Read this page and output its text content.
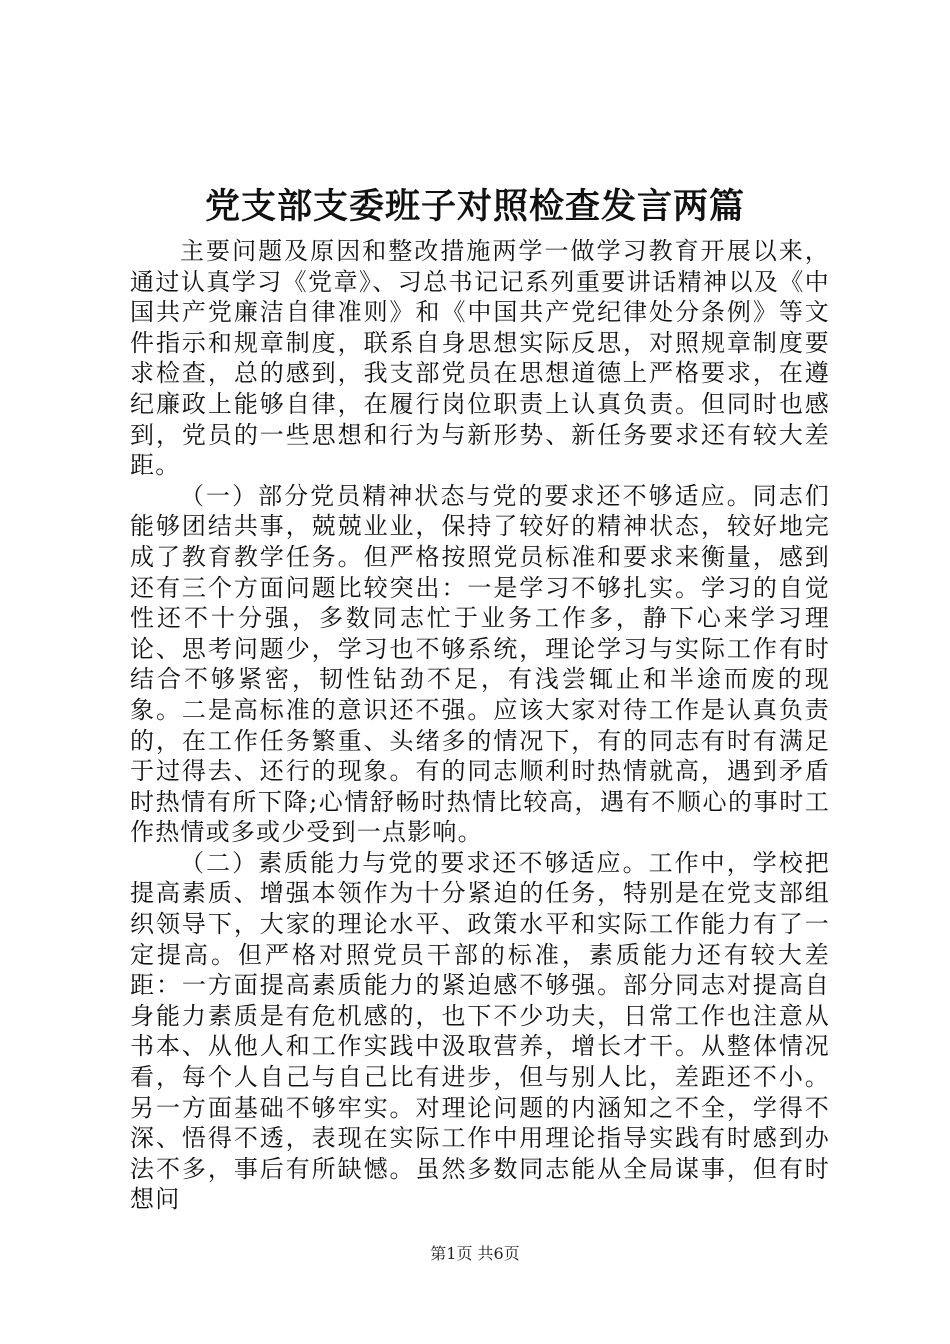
党支部支委班子对照检查发言两篇

主要问题及原因和整改措施两学一做学习教育开展以来，通过认真学习《党章》、习总书记记系列重要讲话精神以及《中国共产党廉洁自律准则》和《中国共产党纪律处分条例》等文件指示和规章制度，联系自身思想实际反思，对照规章制度要求检查，总的感到，我支部党员在思想道德上严格要求，在遵纪廉政上能够自律，在履行岗位职责上认真负责。但同时也感到，党员的一些思想和行为与新形势、新任务要求还有较大差距。

（一）部分党员精神状态与党的要求还不够适应。同志们能够团结共事，兢兢业业，保持了较好的精神状态，较好地完成了教育教学任务。但严格按照党员标准和要求来衡量，感到还有三个方面问题比较突出：一是学习不够扎实。学习的自觉性还不十分强，多数同志忙于业务工作多，静下心来学习理论、思考问题少，学习也不够系统，理论学习与实际工作有时结合不够紧密，韧性钻劲不足，有浅尝辄止和半途而废的现象。二是高标准的意识还不强。应该大家对待工作是认真负责的，在工作任务繁重、头绪多的情况下，有的同志有时有满足于过得去、还行的现象。有的同志顺利时热情就高，遇到矛盾时热情有所下降;心情舒畅时热情比较高，遇有不顺心的事时工作热情或多或少受到一点影响。

（二）素质能力与党的要求还不够适应。工作中，学校把提高素质、增强本领作为十分紧迫的任务，特别是在党支部组织领导下，大家的理论水平、政策水平和实际工作能力有了一定提高。但严格对照党员干部的标准，素质能力还有较大差距：一方面提高素质能力的紧迫感不够强。部分同志对提高自身能力素质是有危机感的，也下不少功夫，日常工作也注意从书本、从他人和工作实践中汲取营养，增长才干。从整体情况看，每个人自己与自己比有进步，但与别人比，差距还不小。另一方面基础不够牢实。对理论问题的内涵知之不全，学得不深、悟得不透，表现在实际工作中用理论指导实践有时感到办法不多，事后有所缺憾。虽然多数同志能从全局谋事，但有时想问

第1页 共6页
